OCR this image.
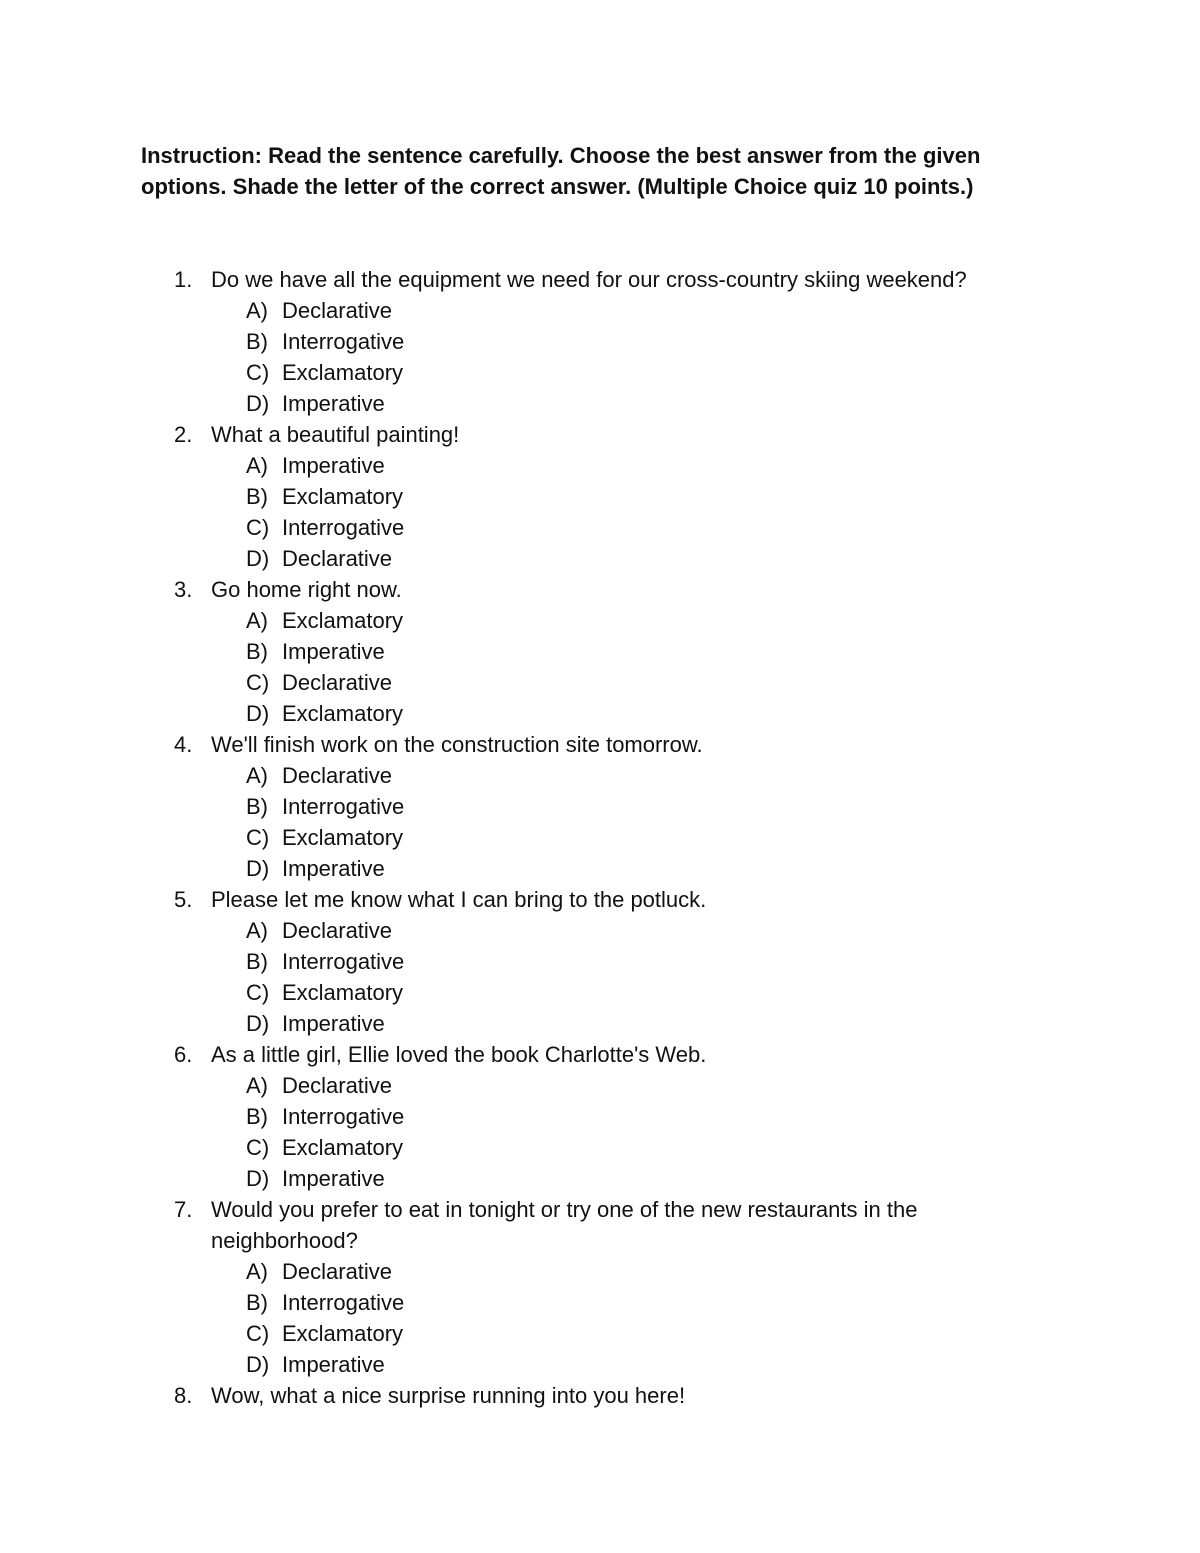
Instruction: Read the sentence carefully. Choose the best answer from the given options. Shade the letter of the correct answer. (Multiple Choice quiz 10 points.)

1. Do we have all the equipment we need for our cross-country skiing weekend?
A) Declarative
B) Interrogative
C) Exclamatory
D) Imperative
2. What a beautiful painting!
A) Imperative
B) Exclamatory
C) Interrogative
D) Declarative
3. Go home right now.
A) Exclamatory
B) Imperative
C) Declarative
D) Exclamatory
4. We'll finish work on the construction site tomorrow.
A) Declarative
B) Interrogative
C) Exclamatory
D) Imperative
5. Please let me know what I can bring to the potluck.
A) Declarative
B) Interrogative
C) Exclamatory
D) Imperative
6. As a little girl, Ellie loved the book Charlotte's Web.
A) Declarative
B) Interrogative
C) Exclamatory
D) Imperative
7. Would you prefer to eat in tonight or try one of the new restaurants in the neighborhood?
A) Declarative
B) Interrogative
C) Exclamatory
D) Imperative
8. Wow, what a nice surprise running into you here!
